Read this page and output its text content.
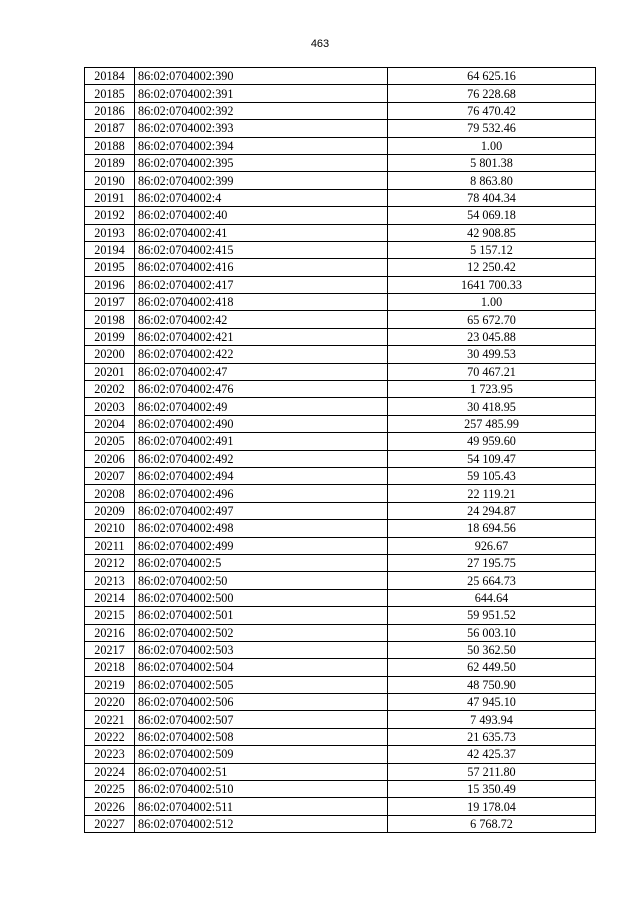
463
20184	86:02:0704002:390	64 625.16
20185	86:02:0704002:391	76 228.68
20186	86:02:0704002:392	76 470.42
20187	86:02:0704002:393	79 532.46
20188	86:02:0704002:394	1.00
20189	86:02:0704002:395	5 801.38
20190	86:02:0704002:399	8 863.80
20191	86:02:0704002:4	78 404.34
20192	86:02:0704002:40	54 069.18
20193	86:02:0704002:41	42 908.85
20194	86:02:0704002:415	5 157.12
20195	86:02:0704002:416	12 250.42
20196	86:02:0704002:417	1641 700.33
20197	86:02:0704002:418	1.00
20198	86:02:0704002:42	65 672.70
20199	86:02:0704002:421	23 045.88
20200	86:02:0704002:422	30 499.53
20201	86:02:0704002:47	70 467.21
20202	86:02:0704002:476	1 723.95
20203	86:02:0704002:49	30 418.95
20204	86:02:0704002:490	257 485.99
20205	86:02:0704002:491	49 959.60
20206	86:02:0704002:492	54 109.47
20207	86:02:0704002:494	59 105.43
20208	86:02:0704002:496	22 119.21
20209	86:02:0704002:497	24 294.87
20210	86:02:0704002:498	18 694.56
20211	86:02:0704002:499	926.67
20212	86:02:0704002:5	27 195.75
20213	86:02:0704002:50	25 664.73
20214	86:02:0704002:500	644.64
20215	86:02:0704002:501	59 951.52
20216	86:02:0704002:502	56 003.10
20217	86:02:0704002:503	50 362.50
20218	86:02:0704002:504	62 449.50
20219	86:02:0704002:505	48 750.90
20220	86:02:0704002:506	47 945.10
20221	86:02:0704002:507	7 493.94
20222	86:02:0704002:508	21 635.73
20223	86:02:0704002:509	42 425.37
20224	86:02:0704002:51	57 211.80
20225	86:02:0704002:510	15 350.49
20226	86:02:0704002:511	19 178.04
20227	86:02:0704002:512	6 768.72
